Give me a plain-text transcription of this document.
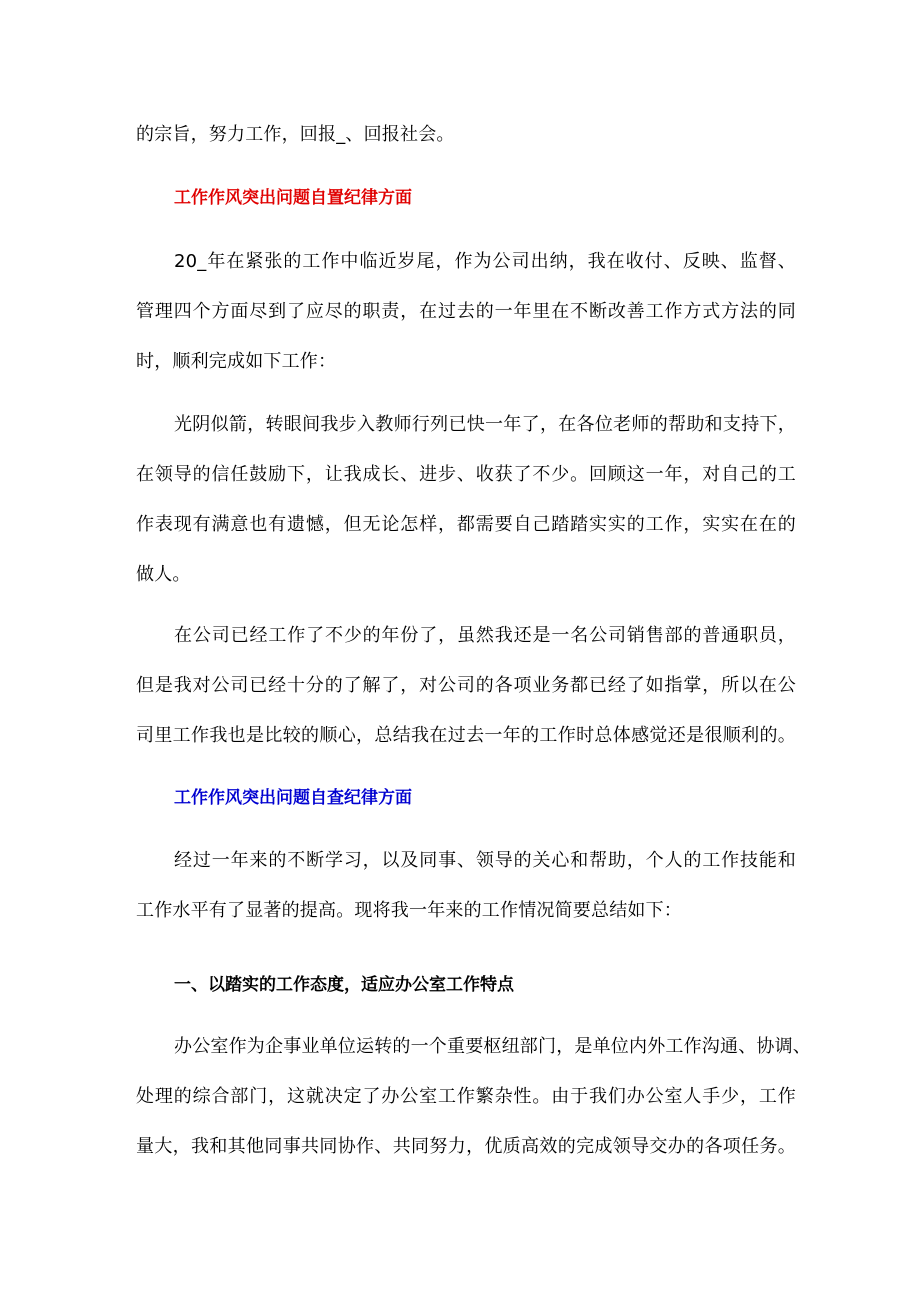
的宗旨，努力工作，回报_、回报社会。
工作作风突出问题自置纪律方面
20_年在紧张的工作中临近岁尾，作为公司出纳，我在收付、反映、监督、
管理四个方面尽到了应尽的职责，在过去的一年里在不断改善工作方式方法的同
时，顺利完成如下工作：
光阴似箭，转眼间我步入教师行列已快一年了，在各位老师的帮助和支持下，
在领导的信任鼓励下，让我成长、进步、收获了不少。回顾这一年，对自己的工
作表现有满意也有遗憾，但无论怎样，都需要自己踏踏实实的工作，实实在在的
做人。
在公司已经工作了不少的年份了，虽然我还是一名公司销售部的普通职员，
但是我对公司已经十分的了解了，对公司的各项业务都已经了如指掌，所以在公
司里工作我也是比较的顺心，总结我在过去一年的工作时总体感觉还是很顺利的。
工作作风突出问题自查纪律方面
经过一年来的不断学习，以及同事、领导的关心和帮助，个人的工作技能和
工作水平有了显著的提高。现将我一年来的工作情况简要总结如下：
一、以踏实的工作态度，适应办公室工作特点
办公室作为企事业单位运转的一个重要枢纽部门，是单位内外工作沟通、协调、
处理的综合部门，这就决定了办公室工作繁杂性。由于我们办公室人手少，工作
量大，我和其他同事共同协作、共同努力，优质高效的完成领导交办的各项任务。
